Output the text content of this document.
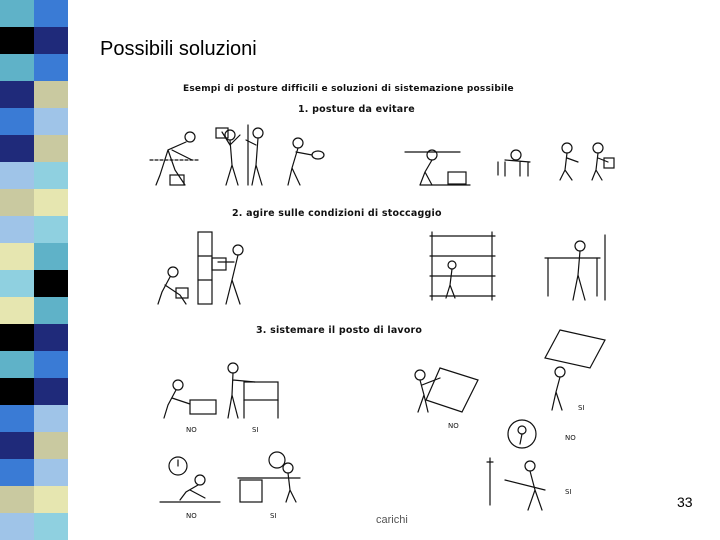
Possibili soluzioni
Esempi di posture difficili e soluzioni di sistemazione possibile
1. posture da evitare
2. agire sulle condizioni di stoccaggio
3. sistemare il posto di lavoro
NO	SI	NO
NO
SI
NO	SI
SI
33
carichi
